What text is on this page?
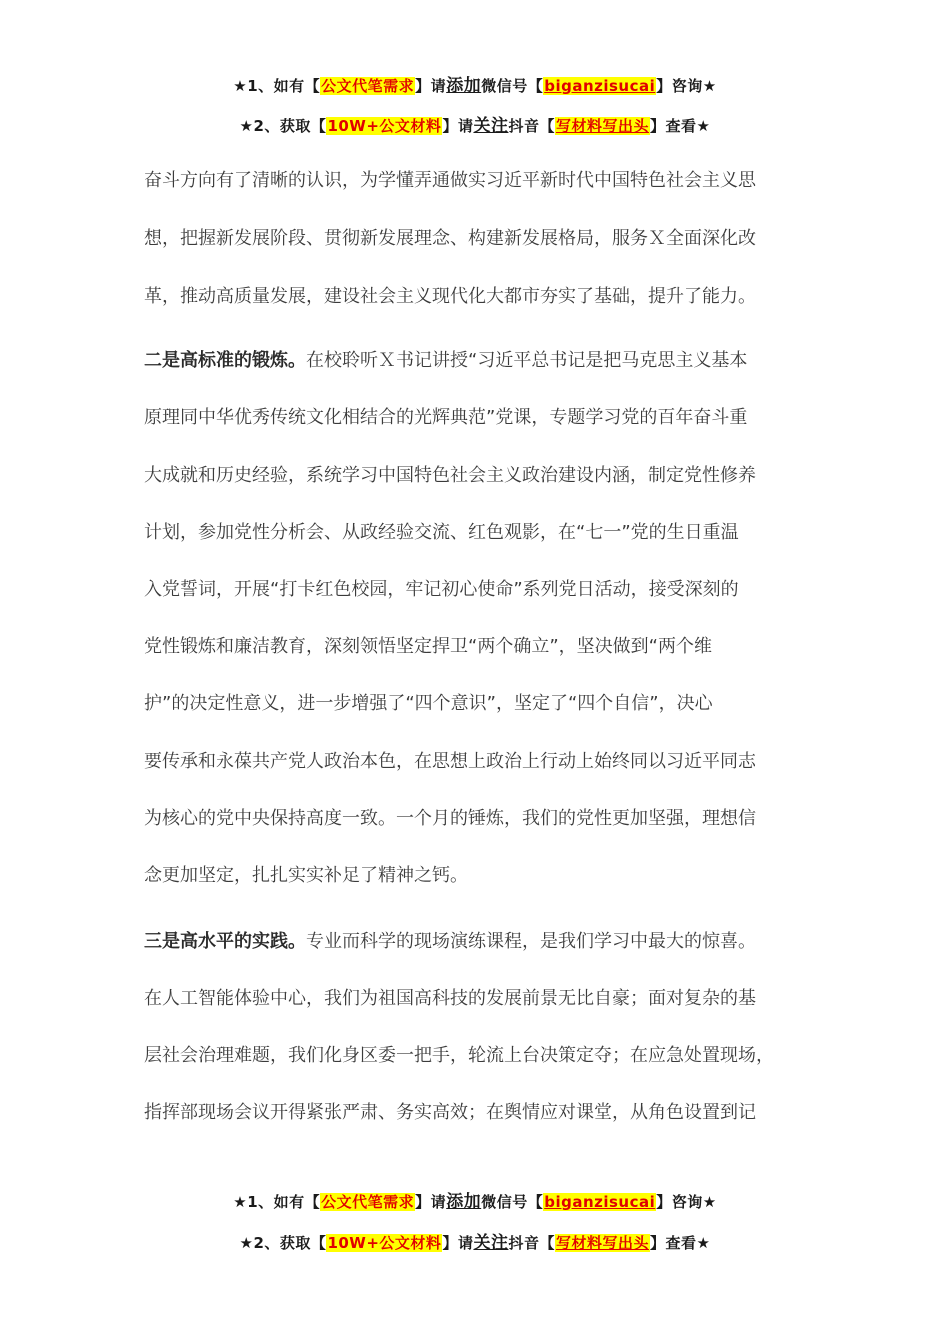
★1、如有【公文代笔需求】请添加微信号【biganzisucai】咨询★
★2、获取【10W+公文材料】请关注抖音【写材料写出头】查看★
奋斗方向有了清晰的认识，为学懂弄通做实习近平新时代中国特色社会主义思
想，把握新发展阶段、贯彻新发展理念、构建新发展格局，服务Ｘ全面深化改
革，推动高质量发展，建设社会主义现代化大都市夯实了基础，提升了能力。
二是高标准的锻炼。在校聆听Ｘ书记讲授“习近平总书记是把马克思主义基本
原理同中华优秀传统文化相结合的光辉典范”党课，专题学习党的百年奋斗重
大成就和历史经验，系统学习中国特色社会主义政治建设内涵，制定党性修养
计划，参加党性分析会、从政经验交流、红色观影，在“七一”党的生日重温
入党誓词，开展“打卡红色校园，牢记初心使命”系列党日活动，接受深刻的
党性锻炼和廉洁教育，深刻领悟坚定捍卫“两个确立”，坚决做到“两个维
护”的决定性意义，进一步增强了“四个意识”，坚定了“四个自信”，决心
要传承和永葆共产党人政治本色，在思想上政治上行动上始终同以习近平同志
为核心的党中央保持高度一致。一个月的锤炼，我们的党性更加坚强，理想信
念更加坚定，扎扎实实补足了精神之钙。
三是高水平的实践。专业而科学的现场演练课程，是我们学习中最大的惊喜。
在人工智能体验中心，我们为祖国高科技的发展前景无比自豪；面对复杂的基
层社会治理难题，我们化身区委一把手，轮流上台决策定夺；在应急处置现场，
指挥部现场会议开得紧张严肃、务实高效；在舆情应对课堂，从角色设置到记
★1、如有【公文代笔需求】请添加微信号【biganzisucai】咨询★
★2、获取【10W+公文材料】请关注抖音【写材料写出头】查看★
